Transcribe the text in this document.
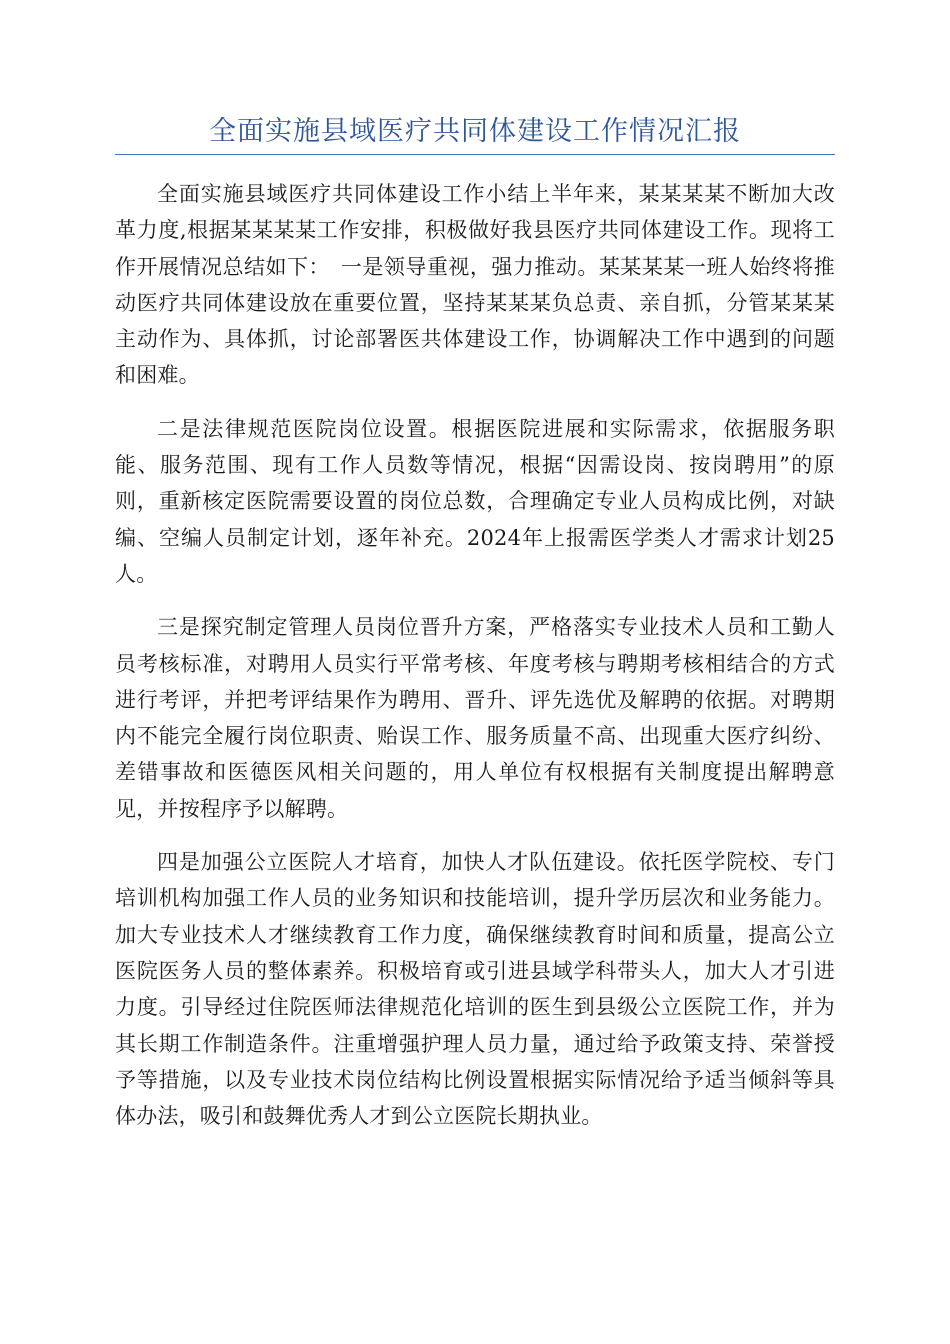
全面实施县域医疗共同体建设工作情况汇报

全面实施县域医疗共同体建设工作小结上半年来，某某某某不断加大改革力度,根据某某某某工作安排，积极做好我县医疗共同体建设工作。现将工作开展情况总结如下：　一是领导重视，强力推动。某某某某一班人始终将推动医疗共同体建设放在重要位置，坚持某某某负总责、亲自抓，分管某某某主动作为、具体抓，讨论部署医共体建设工作，协调解决工作中遇到的问题和困难。

二是法律规范医院岗位设置。根据医院进展和实际需求，依据服务职能、服务范围、现有工作人员数等情况，根据“因需设岗、按岗聘用”的原则，重新核定医院需要设置的岗位总数，合理确定专业人员构成比例，对缺编、空编人员制定计划，逐年补充。2024年上报需医学类人才需求计划25人。

三是探究制定管理人员岗位晋升方案，严格落实专业技术人员和工勤人员考核标准，对聘用人员实行平常考核、年度考核与聘期考核相结合的方式进行考评，并把考评结果作为聘用、晋升、评先选优及解聘的依据。对聘期内不能完全履行岗位职责、贻误工作、服务质量不高、出现重大医疗纠纷、差错事故和医德医风相关问题的，用人单位有权根据有关制度提出解聘意见，并按程序予以解聘。

四是加强公立医院人才培育，加快人才队伍建设。依托医学院校、专门培训机构加强工作人员的业务知识和技能培训，提升学历层次和业务能力。加大专业技术人才继续教育工作力度，确保继续教育时间和质量，提高公立医院医务人员的整体素养。积极培育或引进县域学科带头人，加大人才引进力度。引导经过住院医师法律规范化培训的医生到县级公立医院工作，并为其长期工作制造条件。注重增强护理人员力量，通过给予政策支持、荣誉授予等措施，以及专业技术岗位结构比例设置根据实际情况给予适当倾斜等具体办法，吸引和鼓舞优秀人才到公立医院长期执业。
